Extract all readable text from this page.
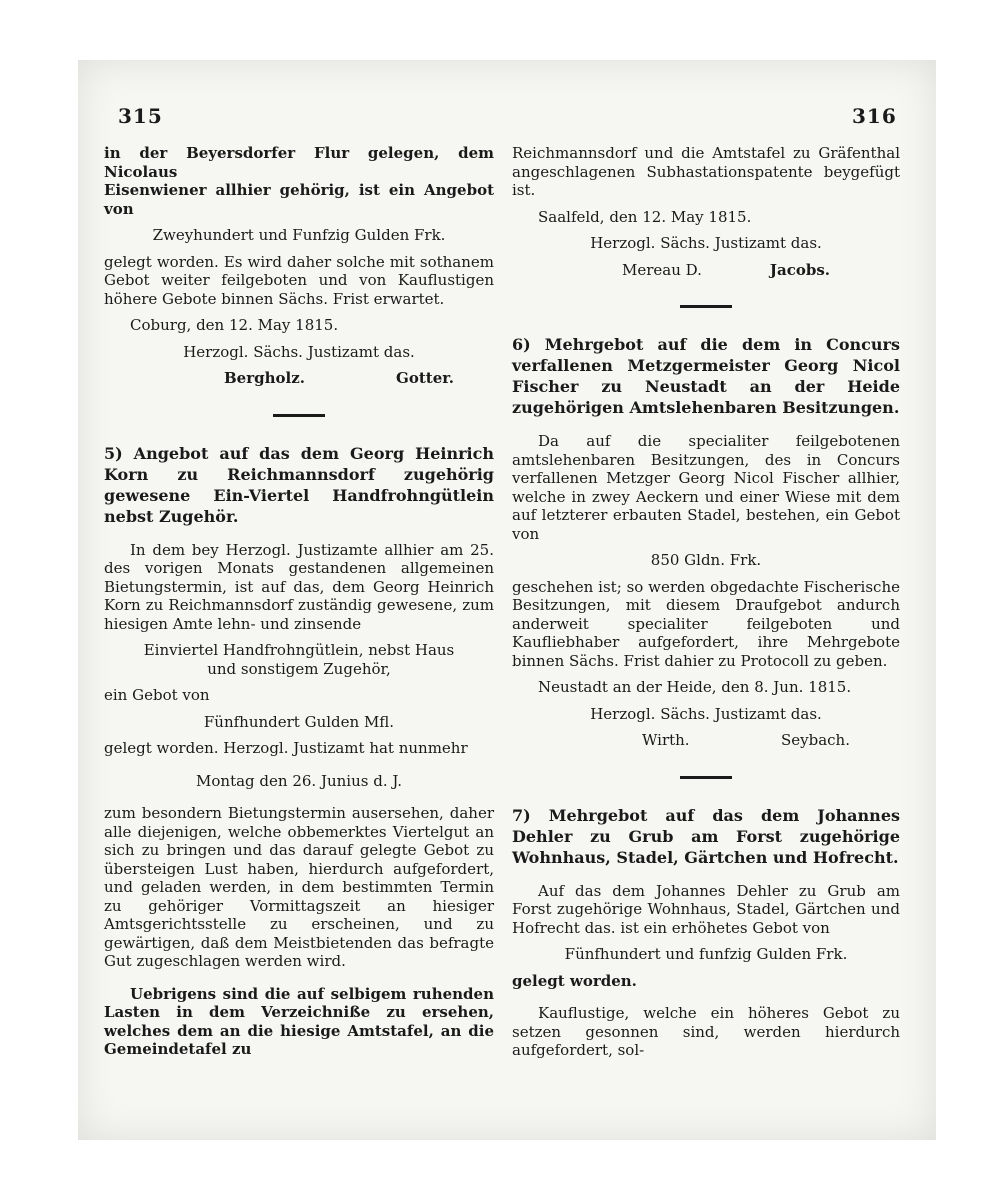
315	316

in der Beyersdorfer Flur gelegen, dem Nicolaus

Eisenwiener allhier gehörig, ist ein Angebot von

Zweyhundert und Funfzig Gulden Frk.

gelegt worden. Es wird daher solche mit sothanem Gebot weiter feilgeboten und von Kauflustigen höhere Gebote binnen Sächs. Frist erwartet.

Coburg, den 12. May 1815.

Herzogl. Sächs. Justizamt das.

Bergholz.	Gotter.

5) Angebot auf das dem Georg Heinrich Korn zu Reichmannsdorf zugehörig gewesene Ein-Viertel Handfrohngütlein nebst Zugehör.

In dem bey Herzogl. Justizamte allhier am 25. des vorigen Monats gestandenen allgemeinen Bietungstermin, ist auf das, dem Georg Heinrich Korn zu Reichmannsdorf zuständig gewesene, zum hiesigen Amte lehn- und zinsende

Einviertel Handfrohngütlein, nebst Haus

und sonstigem Zugehör,

ein Gebot von

Fünfhundert Gulden Mfl.

gelegt worden. Herzogl. Justizamt hat nunmehr

Montag den 26. Junius d. J.

zum besondern Bietungstermin ausersehen, daher alle diejenigen, welche obbemerktes Viertelgut an sich zu bringen und das darauf gelegte Gebot zu übersteigen Lust haben, hierdurch aufgefordert, und geladen werden, in dem bestimmten Termin zu gehöriger Vormittagszeit an hiesiger Amtsgerichtsstelle zu erscheinen, und zu gewärtigen, daß dem Meistbietenden das befragte Gut zugeschlagen werden wird.

Uebrigens sind die auf selbigem ruhenden Lasten in dem Verzeichniße zu ersehen, welches dem an die hiesige Amtstafel, an die Gemeindetafel zu

Reichmannsdorf und die Amtstafel zu Gräfenthal angeschlagenen Subhastationspatente beygefügt ist.

Saalfeld, den 12. May 1815.

Herzogl. Sächs. Justizamt das.

Mereau D.	Jacobs.

6) Mehrgebot auf die dem in Concurs verfallenen Metzgermeister Georg Nicol Fischer zu Neustadt an der Heide zugehörigen Amtslehenbaren Besitzungen.

Da auf die specialiter feilgebotenen amtslehenbaren Besitzungen, des in Concurs verfallenen Metzger Georg Nicol Fischer allhier, welche in zwey Aeckern und einer Wiese mit dem auf letzterer erbauten Stadel, bestehen, ein Gebot von

850 Gldn. Frk.

geschehen ist; so werden obgedachte Fischerische Besitzungen, mit diesem Draufgebot andurch anderweit specialiter feilgeboten und Kaufliebhaber aufgefordert, ihre Mehrgebote binnen Sächs. Frist dahier zu Protocoll zu geben.

Neustadt an der Heide, den 8. Jun. 1815.

Herzogl. Sächs. Justizamt das.

Wirth.	Seybach.

7) Mehrgebot auf das dem Johannes Dehler zu Grub am Forst zugehörige Wohnhaus, Stadel, Gärtchen und Hofrecht.

Auf das dem Johannes Dehler zu Grub am Forst zugehörige Wohnhaus, Stadel, Gärtchen und Hofrecht das. ist ein erhöhetes Gebot von

Fünfhundert und funfzig Gulden Frk.

gelegt worden.

Kauflustige, welche ein höheres Gebot zu setzen gesonnen sind, werden hierdurch aufgefordert, sol-
